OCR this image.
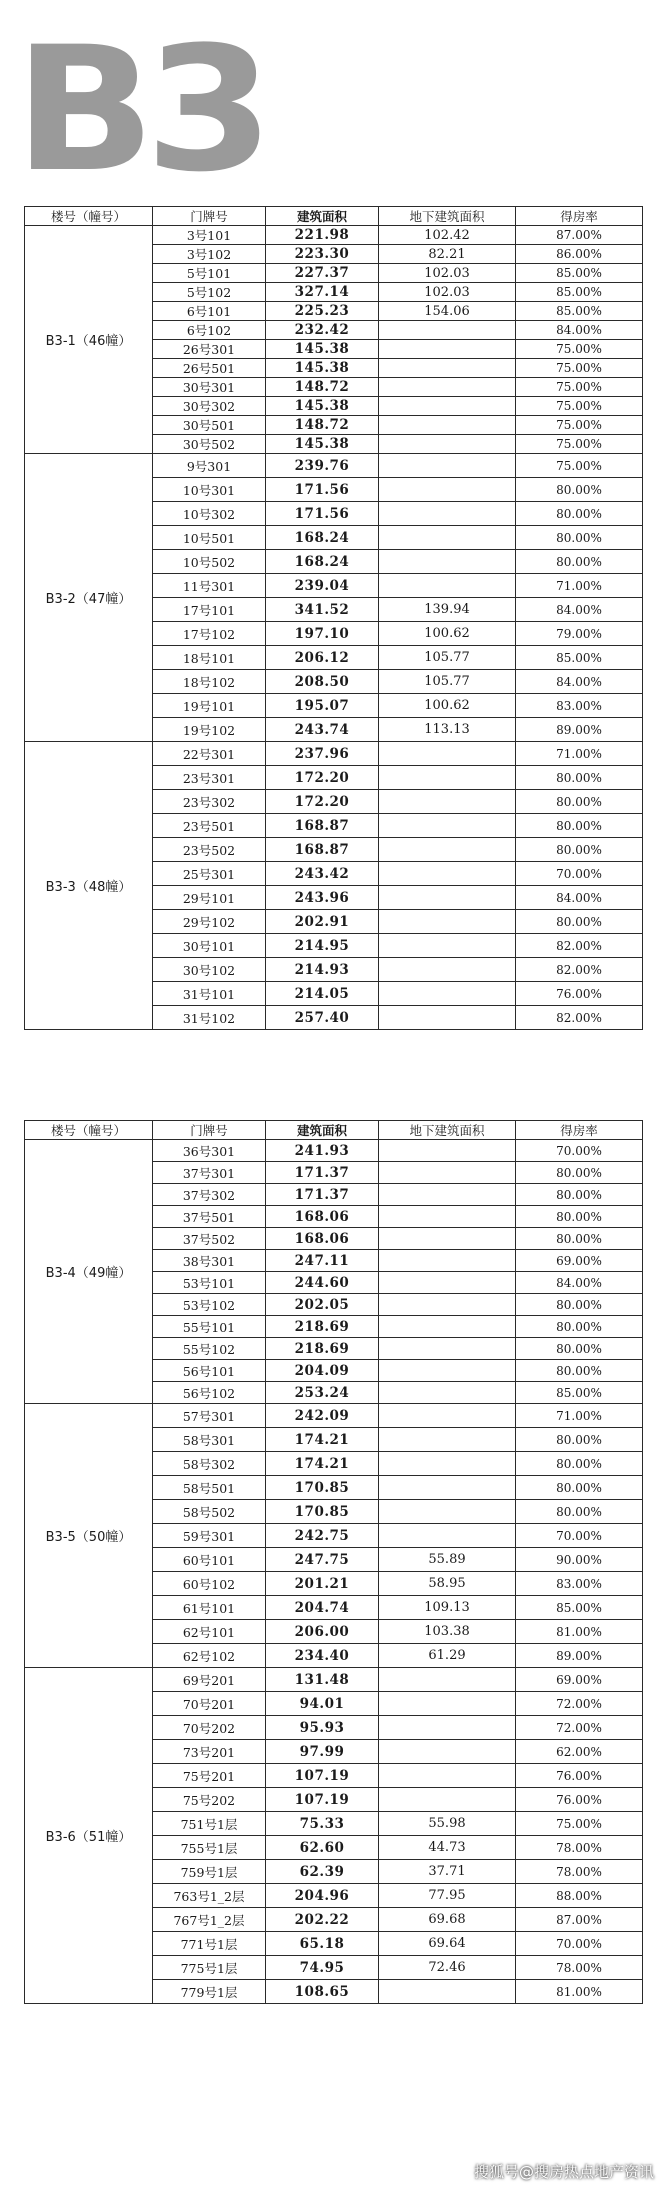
B3
楼号（幢号）	门牌号	建筑面积	地下建筑面积	得房率
B3-1（46幢）	3号101	221.98	102.42	87.00%
	3号102	223.30	82.21	86.00%
	5号101	227.37	102.03	85.00%
	5号102	327.14	102.03	85.00%
	6号101	225.23	154.06	85.00%
	6号102	232.42		84.00%
	26号301	145.38		75.00%
	26号501	145.38		75.00%
	30号301	148.72		75.00%
	30号302	145.38		75.00%
	30号501	148.72		75.00%
	30号502	145.38		75.00%
B3-2（47幢）	9号301	239.76		75.00%
	10号301	171.56		80.00%
	10号302	171.56		80.00%
	10号501	168.24		80.00%
	10号502	168.24		80.00%
	11号301	239.04		71.00%
	17号101	341.52	139.94	84.00%
	17号102	197.10	100.62	79.00%
	18号101	206.12	105.77	85.00%
	18号102	208.50	105.77	84.00%
	19号101	195.07	100.62	83.00%
	19号102	243.74	113.13	89.00%
B3-3（48幢）	22号301	237.96		71.00%
	23号301	172.20		80.00%
	23号302	172.20		80.00%
	23号501	168.87		80.00%
	23号502	168.87		80.00%
	25号301	243.42		70.00%
	29号101	243.96		84.00%
	29号102	202.91		80.00%
	30号101	214.95		82.00%
	30号102	214.93		82.00%
	31号101	214.05		76.00%
	31号102	257.40		82.00%
楼号（幢号）	门牌号	建筑面积	地下建筑面积	得房率
B3-4（49幢）	36号301	241.93		70.00%
	37号301	171.37		80.00%
	37号302	171.37		80.00%
	37号501	168.06		80.00%
	37号502	168.06		80.00%
	38号301	247.11		69.00%
	53号101	244.60		84.00%
	53号102	202.05		80.00%
	55号101	218.69		80.00%
	55号102	218.69		80.00%
	56号101	204.09		80.00%
	56号102	253.24		85.00%
B3-5（50幢）	57号301	242.09		71.00%
	58号301	174.21		80.00%
	58号302	174.21		80.00%
	58号501	170.85		80.00%
	58号502	170.85		80.00%
	59号301	242.75		70.00%
	60号101	247.75	55.89	90.00%
	60号102	201.21	58.95	83.00%
	61号101	204.74	109.13	85.00%
	62号101	206.00	103.38	81.00%
	62号102	234.40	61.29	89.00%
B3-6（51幢）	69号201	131.48		69.00%
	70号201	94.01		72.00%
	70号202	95.93		72.00%
	73号201	97.99		62.00%
	75号201	107.19		76.00%
	75号202	107.19		76.00%
	751号1层	75.33	55.98	75.00%
	755号1层	62.60	44.73	78.00%
	759号1层	62.39	37.71	78.00%
	763号1_2层	204.96	77.95	88.00%
	767号1_2层	202.22	69.68	87.00%
	771号1层	65.18	69.64	70.00%
	775号1层	74.95	72.46	78.00%
	779号1层	108.65		81.00%
搜狐号@搜房热点地产资讯
